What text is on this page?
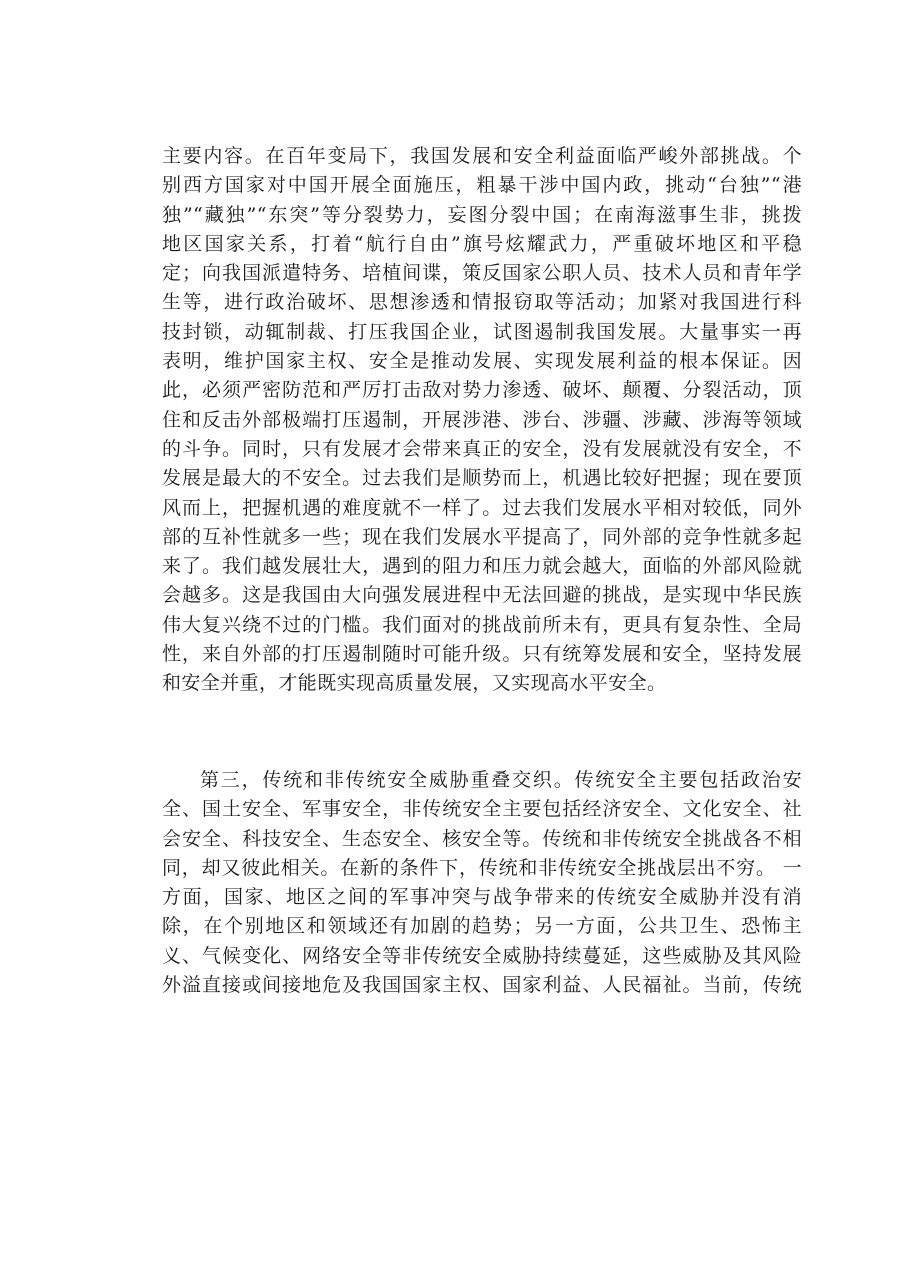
主要内容。在百年变局下，我国发展和安全利益面临严峻外部挑战。个
别西方国家对中国开展全面施压，粗暴干涉中国内政，挑动“台独”“港
独”“藏独”“东突”等分裂势力，妄图分裂中国；在南海滋事生非，挑拨
地区国家关系，打着“航行自由”旗号炫耀武力，严重破坏地区和平稳
定；向我国派遣特务、培植间谍，策反国家公职人员、技术人员和青年学
生等，进行政治破坏、思想渗透和情报窃取等活动；加紧对我国进行科
技封锁，动辄制裁、打压我国企业，试图遏制我国发展。大量事实一再
表明，维护国家主权、安全是推动发展、实现发展利益的根本保证。因
此，必须严密防范和严厉打击敌对势力渗透、破坏、颠覆、分裂活动，顶
住和反击外部极端打压遏制，开展涉港、涉台、涉疆、涉藏、涉海等领域
的斗争。同时，只有发展才会带来真正的安全，没有发展就没有安全，不
发展是最大的不安全。过去我们是顺势而上，机遇比较好把握；现在要顶
风而上，把握机遇的难度就不一样了。过去我们发展水平相对较低，同外
部的互补性就多一些；现在我们发展水平提高了，同外部的竞争性就多起
来了。我们越发展壮大，遇到的阻力和压力就会越大，面临的外部风险就
会越多。这是我国由大向强发展进程中无法回避的挑战，是实现中华民族
伟大复兴绕不过的门槛。我们面对的挑战前所未有，更具有复杂性、全局
性，来自外部的打压遏制随时可能升级。只有统筹发展和安全，坚持发展
和安全并重，才能既实现高质量发展，又实现高水平安全。
第三，传统和非传统安全威胁重叠交织。传统安全主要包括政治安
全、国土安全、军事安全，非传统安全主要包括经济安全、文化安全、社
会安全、科技安全、生态安全、核安全等。传统和非传统安全挑战各不相
同，却又彼此相关。在新的条件下，传统和非传统安全挑战层出不穷。 一
方面，国家、地区之间的军事冲突与战争带来的传统安全威胁并没有消
除，在个别地区和领域还有加剧的趋势；另一方面，公共卫生、恐怖主
义、气候变化、网络安全等非传统安全威胁持续蔓延，这些威胁及其风险
外溢直接或间接地危及我国国家主权、国家利益、人民福祉。当前，传统
